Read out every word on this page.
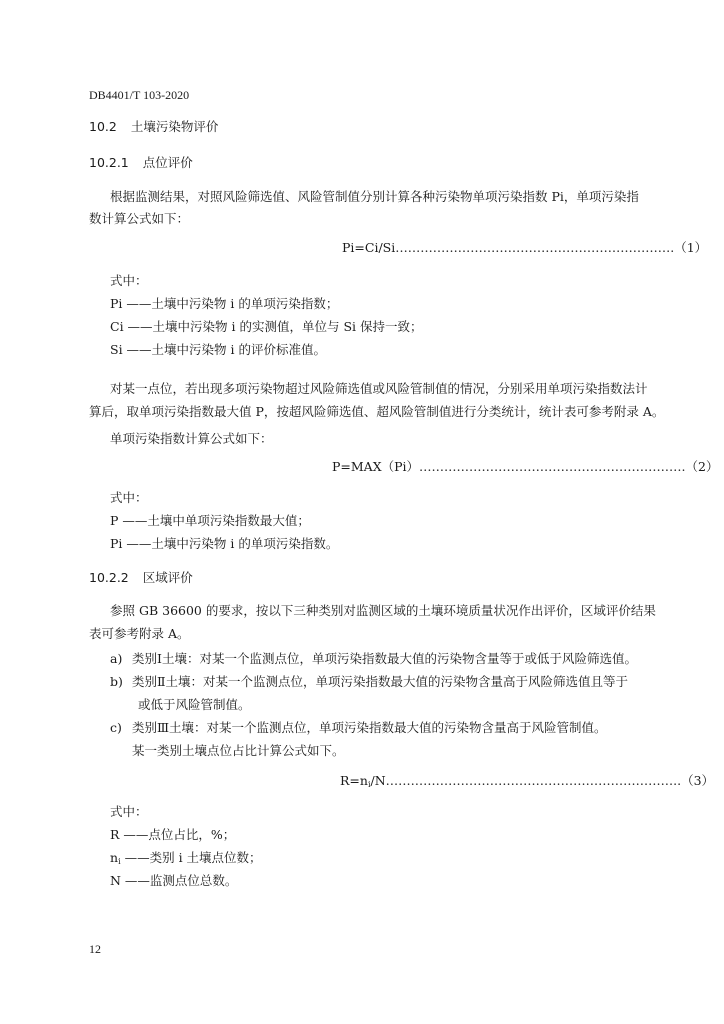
DB4401/T 103-2020
10.2 土壤污染物评价
10.2.1 点位评价
根据监测结果，对照风险筛选值、风险管制值分别计算各种污染物单项污染指数 Pi，单项污染指
数计算公式如下：
Pi=Ci/Si………………………………………………………….（1）
式中：
Pi ——土壤中污染物 i 的单项污染指数；
Ci ——土壤中污染物 i 的实测值，单位与 Si 保持一致；
Si ——土壤中污染物 i 的评价标准值。
对某一点位，若出现多项污染物超过风险筛选值或风险管制值的情况，分别采用单项污染指数法计
算后，取单项污染指数最大值 P，按超风险筛选值、超风险管制值进行分类统计，统计表可参考附录 A。
单项污染指数计算公式如下：
P=MAX（Pi）……………………………………………………….（2）
式中：
P ——土壤中单项污染指数最大值；
Pi ——土壤中污染物 i 的单项污染指数。
10.2.2 区域评价
参照 GB 36600 的要求，按以下三种类别对监测区域的土壤环境质量状况作出评价，区域评价结果
表可参考附录 A。
a) 类别Ⅰ土壤：对某一个监测点位，单项污染指数最大值的污染物含量等于或低于风险筛选值。
b) 类别Ⅱ土壤：对某一个监测点位，单项污染指数最大值的污染物含量高于风险筛选值且等于
或低于风险管制值。
c) 类别Ⅲ土壤：对某一个监测点位，单项污染指数最大值的污染物含量高于风险管制值。
某一类别土壤点位占比计算公式如下。
$R=n_i/N\dots\dots\dots\dots\dots\dots\dots\dots\dots\dots\dots\dots\dots\dots\dots\dots\dots\dots\dots\dots\dots\dots\dots..(3)$
式中：
R ——点位占比，%；
$n_i$ ——类别 i 土壤点位数；
N ——监测点位总数。
12
